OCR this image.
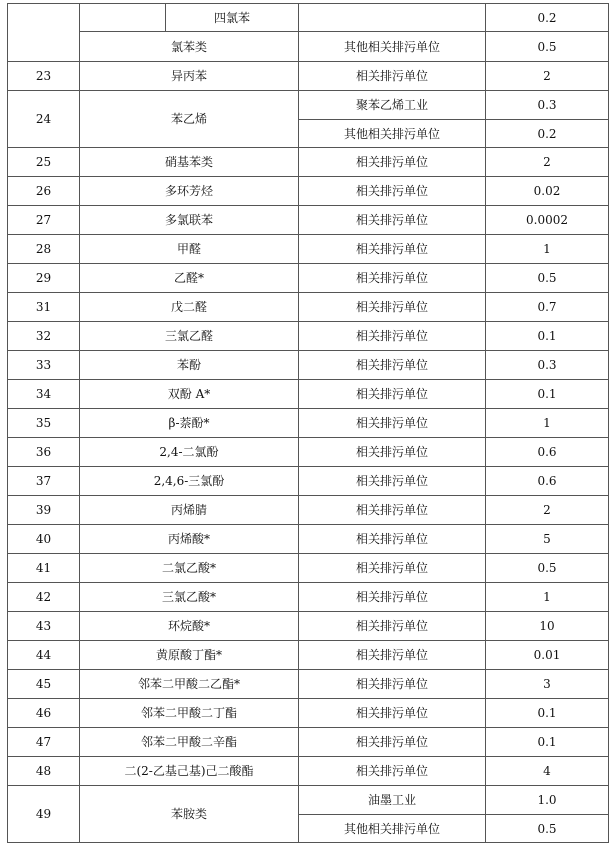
		四氯苯		0.2
	氯苯类		其他相关排污单位	0.5
23	异丙苯		相关排污单位	2
24	苯乙烯		聚苯乙烯工业	0.3
			其他相关排污单位	0.2
25	硝基苯类		相关排污单位	2
26	多环芳烃		相关排污单位	0.02
27	多氯联苯		相关排污单位	0.0002
28	甲醛		相关排污单位	1
29	乙醛*		相关排污单位	0.5
31	戊二醛		相关排污单位	0.7
32	三氯乙醛		相关排污单位	0.1
33	苯酚		相关排污单位	0.3
34	双酚 A*		相关排污单位	0.1
35	β-萘酚*		相关排污单位	1
36	2,4-二氯酚		相关排污单位	0.6
37	2,4,6-三氯酚		相关排污单位	0.6
39	丙烯腈		相关排污单位	2
40	丙烯酸*		相关排污单位	5
41	二氯乙酸*		相关排污单位	0.5
42	三氯乙酸*		相关排污单位	1
43	环烷酸*		相关排污单位	10
44	黄原酸丁酯*		相关排污单位	0.01
45	邻苯二甲酸二乙酯*		相关排污单位	3
46	邻苯二甲酸二丁酯		相关排污单位	0.1
47	邻苯二甲酸二辛酯		相关排污单位	0.1
48	二(2-乙基己基)己二酸酯		相关排污单位	4
49	苯胺类		油墨工业	1.0
			其他相关排污单位	0.5
